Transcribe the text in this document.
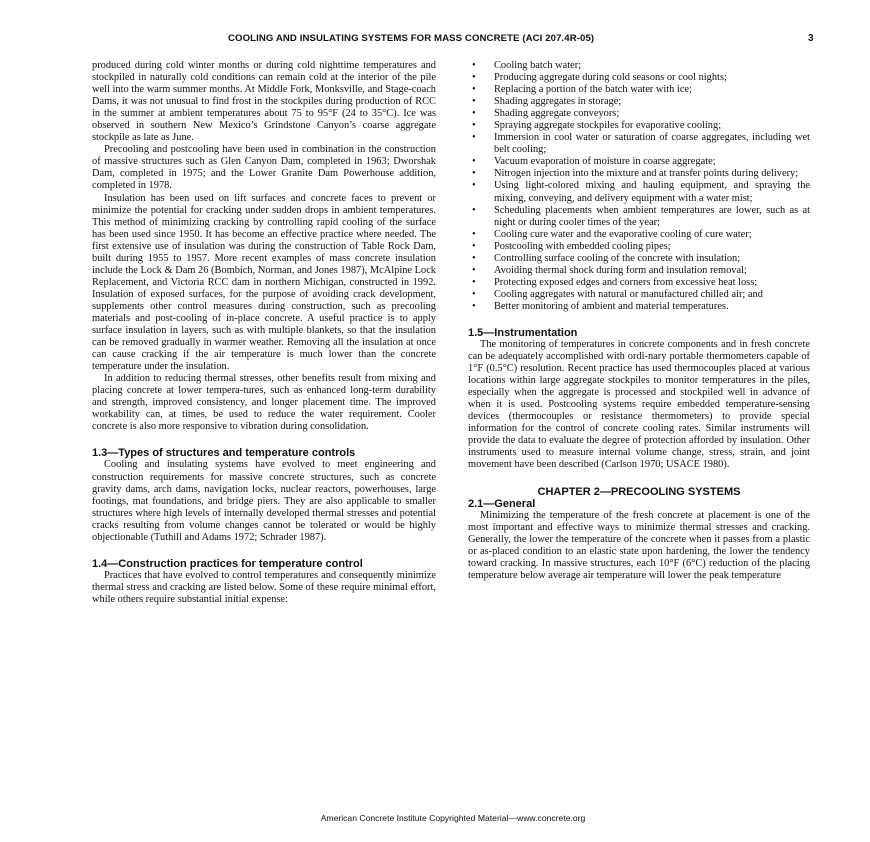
COOLING AND INSULATING SYSTEMS FOR MASS CONCRETE (ACI 207.4R-05)	3

produced during cold winter months or during cold nighttime temperatures and stockpiled in naturally cold conditions can remain cold at the interior of the pile well into the warm summer months. At Middle Fork, Monksville, and Stage-coach Dams, it was not unusual to find frost in the stockpiles during production of RCC in the summer at ambient temperatures about 75 to 95°F (24 to 35°C). Ice was observed in southern New Mexico’s Grindstone Canyon’s coarse aggregate stockpile as late as June.

Precooling and postcooling have been used in combination in the construction of massive structures such as Glen Canyon Dam, completed in 1963; Dworshak Dam, completed in 1975; and the Lower Granite Dam Powerhouse addition, completed in 1978.

Insulation has been used on lift surfaces and concrete faces to prevent or minimize the potential for cracking under sudden drops in ambient temperatures. This method of minimizing cracking by controlling rapid cooling of the surface has been used since 1950. It has become an effective practice where needed. The first extensive use of insulation was during the construction of Table Rock Dam, built during 1955 to 1957. More recent examples of mass concrete insulation include the Lock & Dam 26 (Bombich, Norman, and Jones 1987), McAlpine Lock Replacement, and Victoria RCC dam in northern Michigan, constructed in 1992. Insulation of exposed surfaces, for the purpose of avoiding crack development, supplements other control measures during construction, such as precooling materials and post-cooling of in-place concrete. A useful practice is to apply surface insulation in layers, such as with multiple blankets, so that the insulation can be removed gradually in warmer weather. Removing all the insulation at once can cause cracking if the air temperature is much lower than the concrete temperature under the insulation.

In addition to reducing thermal stresses, other benefits result from mixing and placing concrete at lower tempera-tures, such as enhanced long-term durability and strength, improved consistency, and longer placement time. The improved workability can, at times, be used to reduce the water requirement. Cooler concrete is also more responsive to vibration during consolidation.

1.3—Types of structures and temperature controls

Cooling and insulating systems have evolved to meet engineering and construction requirements for massive concrete structures, such as concrete gravity dams, arch dams, navigation locks, nuclear reactors, powerhouses, large footings, mat foundations, and bridge piers. They are also applicable to smaller structures where high levels of internally developed thermal stresses and potential cracks resulting from volume changes cannot be tolerated or would be highly objectionable (Tuthill and Adams 1972; Schrader 1987).

1.4—Construction practices for temperature control

Practices that have evolved to control temperatures and consequently minimize thermal stress and cracking are listed below. Some of these require minimal effort, while others require substantial initial expense:

• Cooling batch water;
• Producing aggregate during cold seasons or cool nights;
• Replacing a portion of the batch water with ice;
• Shading aggregates in storage;
• Shading aggregate conveyors;
• Spraying aggregate stockpiles for evaporative cooling;
• Immersion in cool water or saturation of coarse aggregates, including wet belt cooling;
• Vacuum evaporation of moisture in coarse aggregate;
• Nitrogen injection into the mixture and at transfer points during delivery;
• Using light-colored mixing and hauling equipment, and spraying the mixing, conveying, and delivery equipment with a water mist;
• Scheduling placements when ambient temperatures are lower, such as at night or during cooler times of the year;
• Cooling cure water and the evaporative cooling of cure water;
• Postcooling with embedded cooling pipes;
• Controlling surface cooling of the concrete with insulation;
• Avoiding thermal shock during form and insulation removal;
• Protecting exposed edges and corners from excessive heat loss;
• Cooling aggregates with natural or manufactured chilled air; and
• Better monitoring of ambient and material temperatures.
1.5—Instrumentation

The monitoring of temperatures in concrete components and in fresh concrete can be adequately accomplished with ordi-nary portable thermometers capable of 1°F (0.5°C) resolution. Recent practice has used thermocouples placed at various locations within large aggregate stockpiles to monitor temperatures in the piles, especially when the aggregate is processed and stockpiled well in advance of when it is used. Postcooling systems require embedded temperature-sensing devices (thermocouples or resistance thermometers) to provide special information for the control of concrete cooling rates. Similar instruments will provide the data to evaluate the degree of protection afforded by insulation. Other instruments used to measure internal volume change, stress, strain, and joint movement have been described (Carlson 1970; USACE 1980).

CHAPTER 2—PRECOOLING SYSTEMS
2.1—General

Minimizing the temperature of the fresh concrete at placement is one of the most important and effective ways to minimize thermal stresses and cracking. Generally, the lower the temperature of the concrete when it passes from a plastic or as-placed condition to an elastic state upon hardening, the lower the tendency toward cracking. In massive structures, each 10°F (6°C) reduction of the placing temperature below average air temperature will lower the peak temperature

American Concrete Institute Copyrighted Material—www.concrete.org
